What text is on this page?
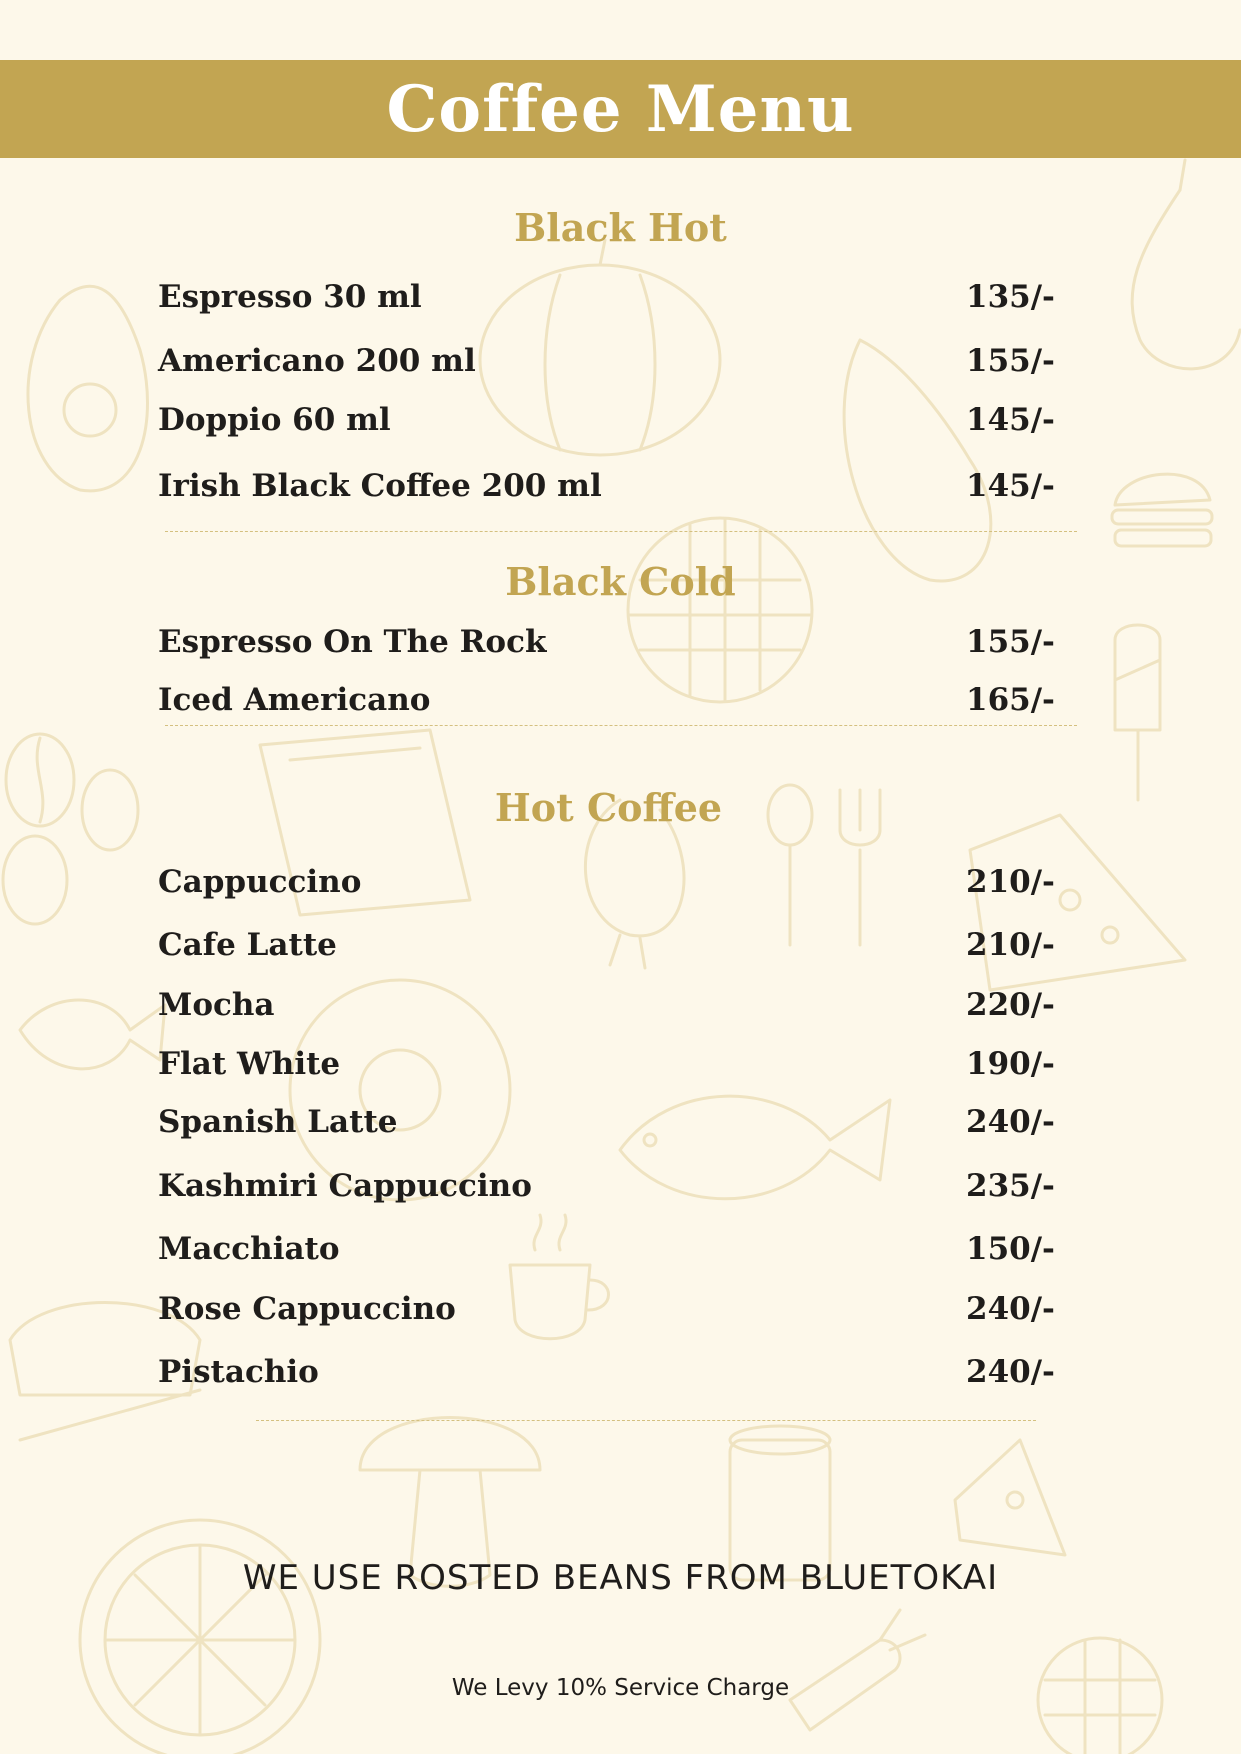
Coffee Menu
Black Hot
Espresso 30 ml	135/-
Americano 200 ml	155/-
Doppio 60 ml	145/-
Irish Black Coffee 200 ml	145/-
Black Cold
Espresso On The Rock	155/-
Iced Americano	165/-
Hot Coffee
Cappuccino	210/-
Cafe Latte	210/-
Mocha	220/-
Flat White	190/-
Spanish Latte	240/-
Kashmiri Cappuccino	235/-
Macchiato	150/-
Rose Cappuccino	240/-
Pistachio	240/-
WE USE ROSTED BEANS FROM BLUETOKAI
We Levy 10% Service Charge
